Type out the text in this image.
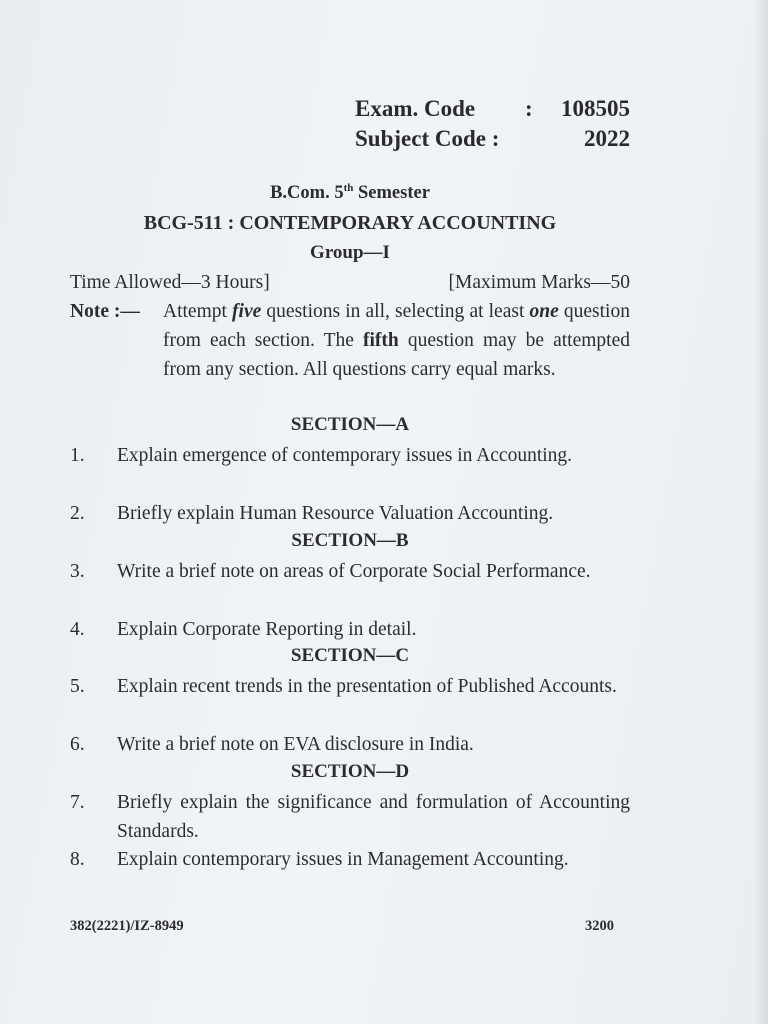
Exam. Code : 108505
Subject Code :	2022
B.Com. 5th Semester
BCG-511 : CONTEMPORARY ACCOUNTING
Group—I
Time Allowed—3 Hours]	[Maximum Marks—50
Note :— Attempt five questions in all, selecting at least one question from each section. The fifth question may be attempted from any section. All questions carry equal marks.
SECTION—A
1. Explain emergence of contemporary issues in Accounting.
2. Briefly explain Human Resource Valuation Accounting.
SECTION—B
3. Write a brief note on areas of Corporate Social Performance.
4. Explain Corporate Reporting in detail.
SECTION—C
5. Explain recent trends in the presentation of Published Accounts.
6. Write a brief note on EVA disclosure in India.
SECTION—D
7. Briefly explain the significance and formulation of Accounting Standards.
8. Explain contemporary issues in Management Accounting.
382(2221)/IZ-8949	3200
